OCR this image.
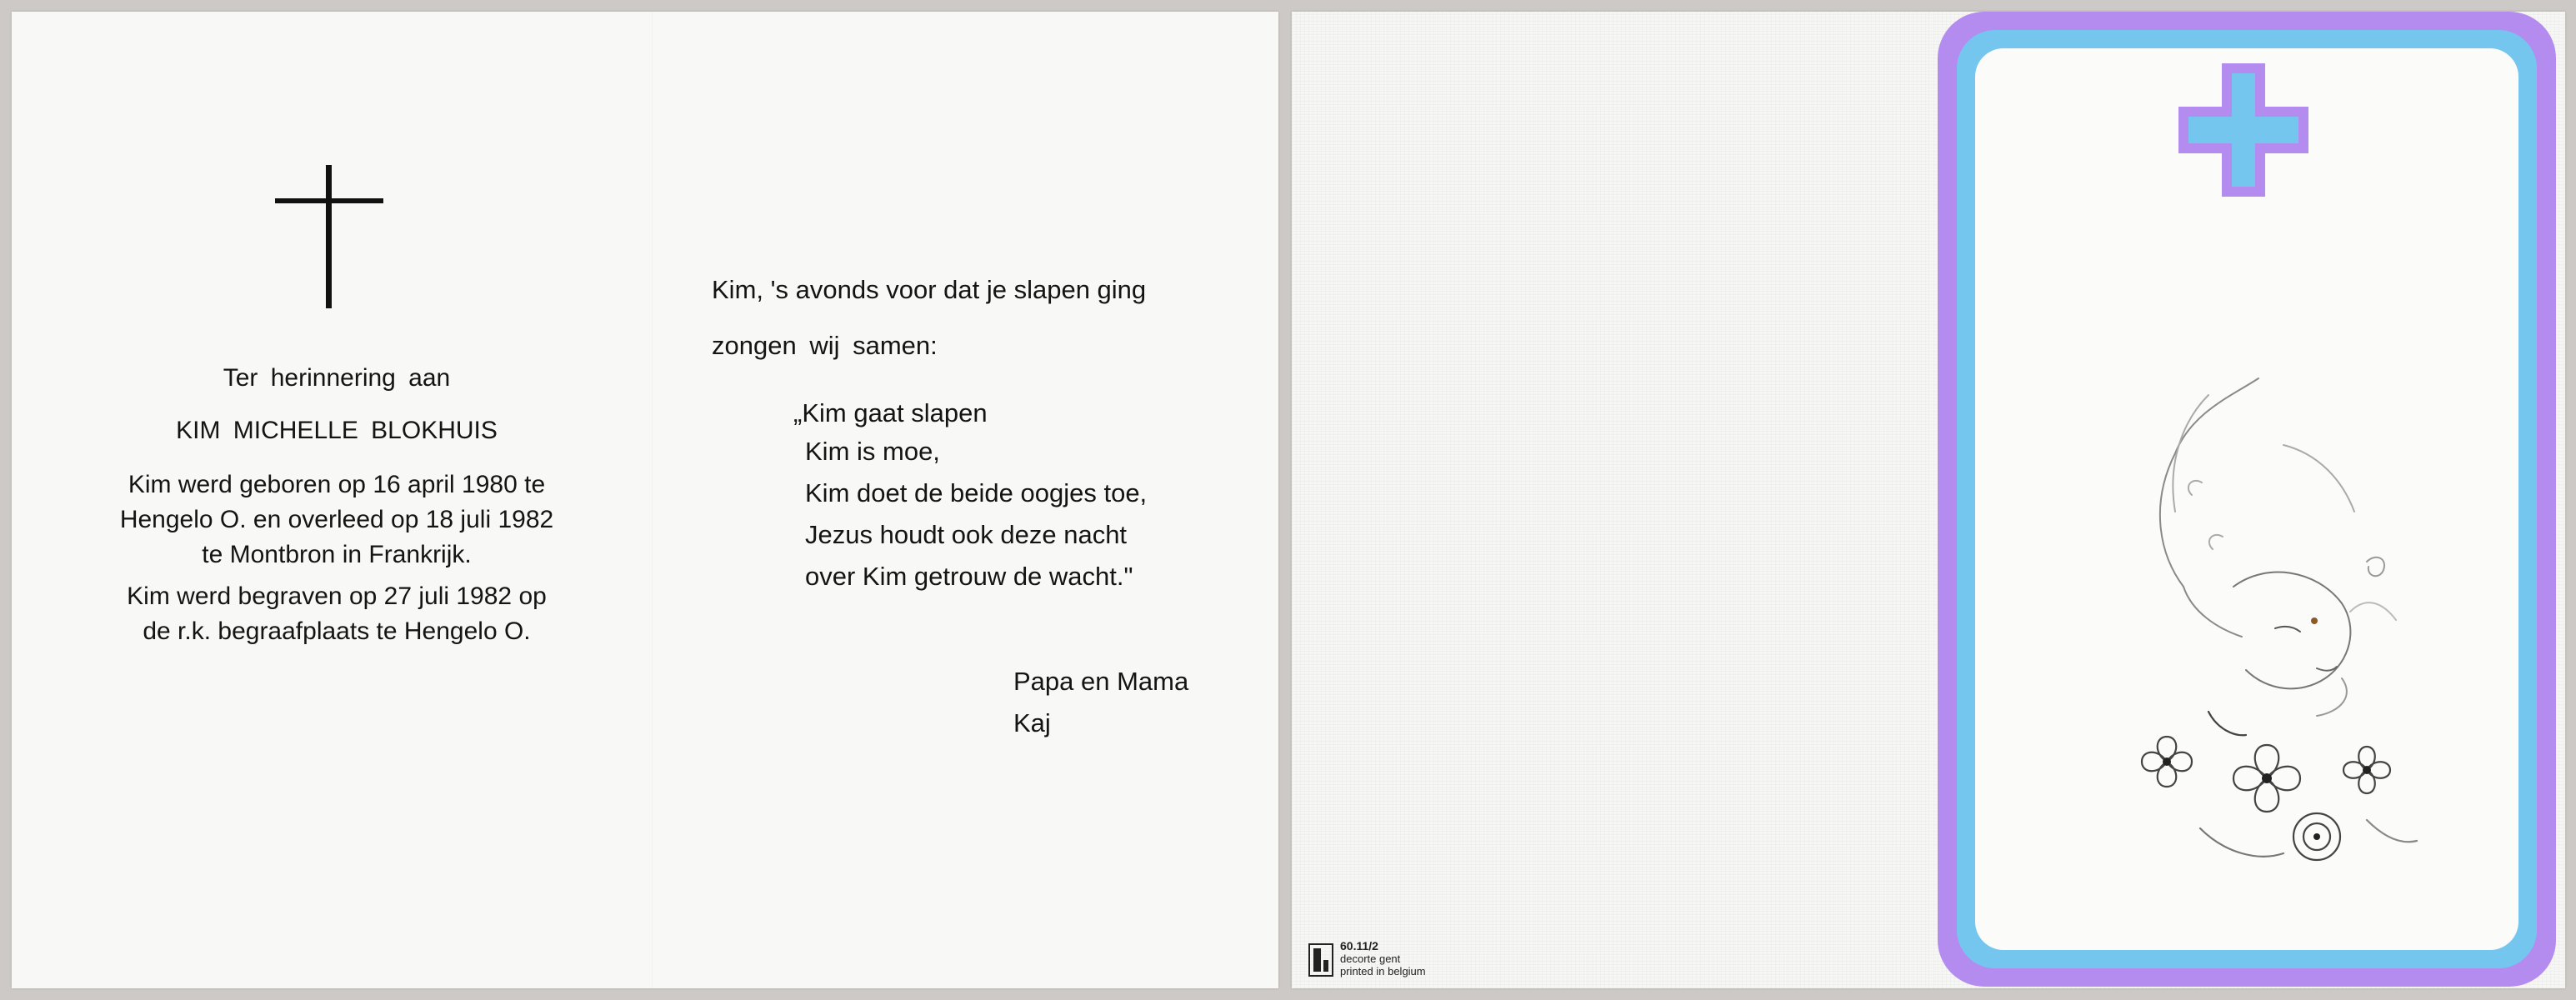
Ter herinnering aan
KIM MICHELLE BLOKHUIS
Kim werd geboren op 16 april 1980 te
Hengelo O. en overleed op 18 juli 1982
te Montbron in Frankrijk.
Kim werd begraven op 27 juli 1982 op
de r.k. begraafplaats te Hengelo O.
Kim, 's avonds voor dat je slapen ging
zongen wij samen:
„Kim gaat slapen
Kim is moe,
Kim doet de beide oogjes toe,
Jezus houdt ook deze nacht
over Kim getrouw de wacht."
Papa en Mama
Kaj
60.11/2
decorte gent
printed in belgium
